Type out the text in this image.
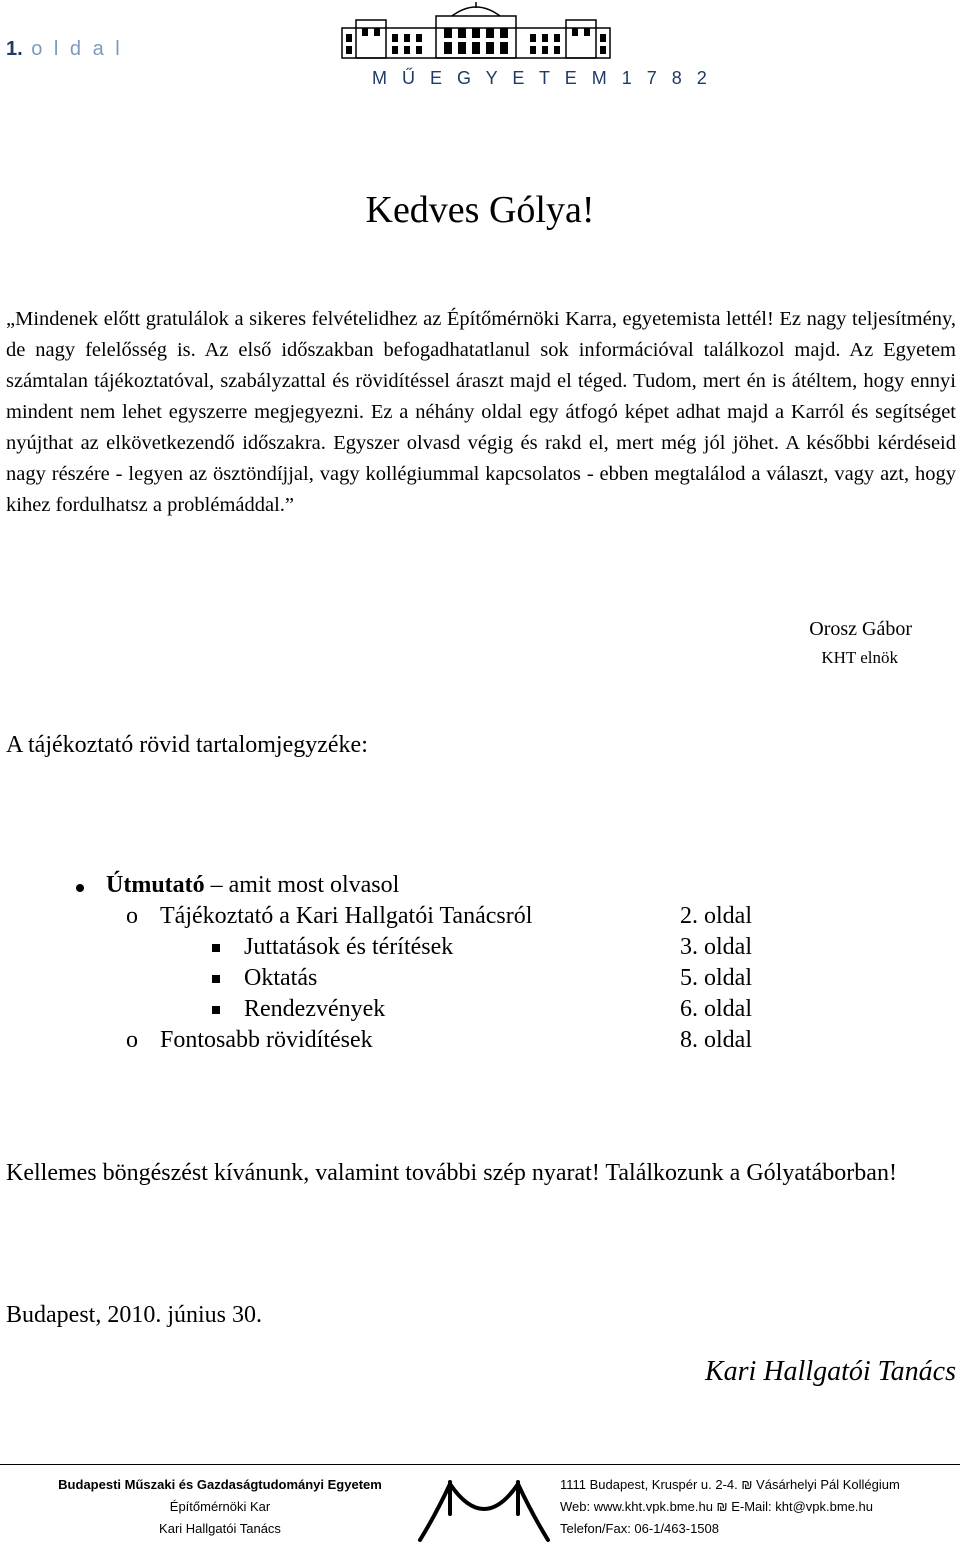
1. o l d a l
M Ű E G Y E T E M 1 7 8 2
Kedves Gólya!
„Mindenek előtt gratulálok a sikeres felvételidhez az Építőmérnöki Karra, egyetemista lettél! Ez nagy teljesítmény, de nagy felelősség is. Az első időszakban befogadhatatlanul sok információval találkozol majd. Az Egyetem számtalan tájékoztatóval, szabályzattal és rövidítéssel áraszt majd el téged. Tudom, mert én is átéltem, hogy ennyi mindent nem lehet egyszerre megjegyezni. Ez a néhány oldal egy átfogó képet adhat majd a Karról és segítséget nyújthat az elkövetkezendő időszakra. Egyszer olvasd végig és rakd el, mert még jól jöhet. A későbbi kérdéseid nagy részére - legyen az ösztöndíjjal, vagy kollégiummal kapcsolatos - ebben megtalálod a választ, vagy azt, hogy kihez fordulhatsz a problémáddal.”
Orosz Gábor
KHT elnök
A tájékoztató rövid tartalomjegyzéke:
Útmutató – amit most olvasol
o Tájékoztató a Kari Hallgatói Tanácsról	2. oldal
Juttatások és térítések	3. oldal
Oktatás	5. oldal
Rendezvények	6. oldal
o Fontosabb rövidítések	8. oldal
Kellemes böngészést kívánunk, valamint további szép nyarat! Találkozunk a Gólyatáborban!
Budapest, 2010. június 30.
Kari Hallgatói Tanács
Budapesti Műszaki és Gazdaságtudományi Egyetem
Építőmérnöki Kar
Kari Hallgatói Tanács
1111 Budapest, Kruspér u. 2-4. ₪ Vásárhelyi Pál Kollégium
Web: www.kht.vpk.bme.hu ₪ E-Mail: kht@vpk.bme.hu
Telefon/Fax: 06-1/463-1508
